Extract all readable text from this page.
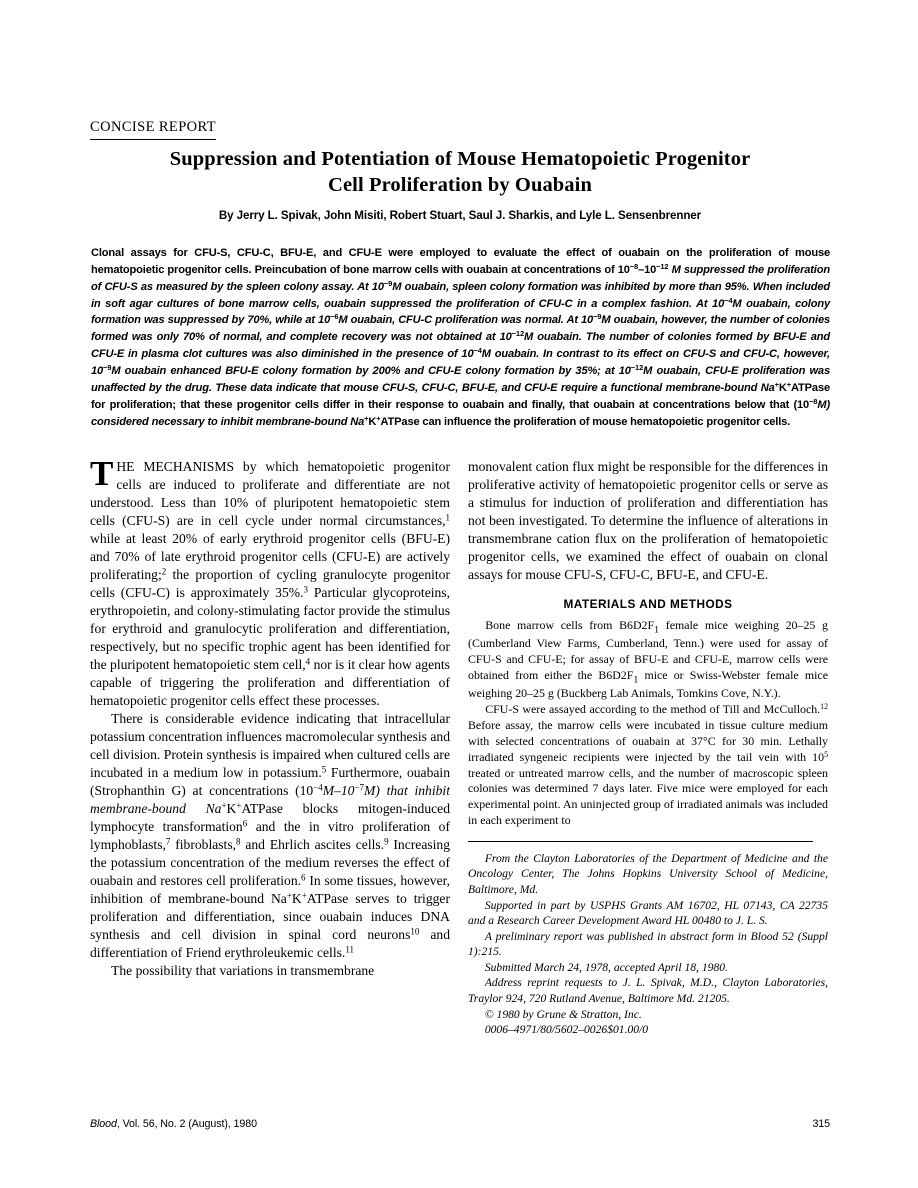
CONCISE REPORT
Suppression and Potentiation of Mouse Hematopoietic Progenitor
Cell Proliferation by Ouabain
By Jerry L. Spivak, John Misiti, Robert Stuart, Saul J. Sharkis, and Lyle L. Sensenbrenner
Clonal assays for CFU-S, CFU-C, BFU-E, and CFU-E were employed to evaluate the effect of ouabain on the proliferation of mouse hematopoietic progenitor cells. Preincubation of bone marrow cells with ouabain at concentrations of $10^{-8}-10^{-12}$ M suppressed the proliferation of CFU-S as measured by the spleen colony assay. At $10^{-9}M$ ouabain, spleen colony formation was inhibited by more than 95%. When included in soft agar cultures of bone marrow cells, ouabain suppressed the proliferation of CFU-C in a complex fashion. At $10^{-4}M$ ouabain, colony formation was suppressed by 70%, while at $10^{-6}M$ ouabain, CFU-C proliferation was normal. At $10^{-9}M$ ouabain, however, the number of colonies formed was only 70% of normal, and complete recovery was not obtained at $10^{-12}M$ ouabain. The number of colonies formed by BFU-E and CFU-E in plasma clot cultures was also diminished in the presence of $10^{-4}M$ ouabain. In contrast to its effect on CFU-S and CFU-C, however, $10^{-9}M$ ouabain enhanced BFU-E colony formation by 200% and CFU-E colony formation by 35%; at $10^{-12}M$ ouabain, CFU-E proliferation was unaffected by the drug. These data indicate that mouse CFU-S, CFU-C, BFU-E, and CFU-E require a functional membrane-bound Na+K+ATPase for proliferation; that these progenitor cells differ in their response to ouabain and finally, that ouabain at concentrations below that $(10^{-8}M)$ considered necessary to inhibit membrane-bound Na+K+ATPase can influence the proliferation of mouse hematopoietic progenitor cells.

THE MECHANISMS by which hematopoietic progenitor cells are induced to proliferate and differentiate are not understood. Less than 10% of pluripotent hematopoietic stem cells (CFU-S) are in cell cycle under normal circumstances,$^1$ while at least 20% of early erythroid progenitor cells (BFU-E) and 70% of late erythroid progenitor cells (CFU-E) are actively proliferating;$^2$ the proportion of cycling granulocyte progenitor cells (CFU-C) is approximately 35%.$^3$ Particular glycoproteins, erythropoietin, and colony-stimulating factor provide the stimulus for erythroid and granulocytic proliferation and differentiation, respectively, but no specific trophic agent has been identified for the pluripotent hematopoietic stem cell,$^4$ nor is it clear how agents capable of triggering the proliferation and differentiation of hematopoietic progenitor cells effect these processes.

There is considerable evidence indicating that intracellular potassium concentration influences macromolecular synthesis and cell division. Protein synthesis is impaired when cultured cells are incubated in a medium low in potassium.$^5$ Furthermore, ouabain (Strophanthin G) at concentrations $(10^{-4}M-10^{-7}M)$ that inhibit membrane-bound Na+K+ATPase blocks mitogen-induced lymphocyte transformation$^6$ and the in vitro proliferation of lymphoblasts,$^7$ fibroblasts,$^8$ and Ehrlich ascites cells.$^9$ Increasing the potassium concentration of the medium reverses the effect of ouabain and restores cell proliferation.$^6$ In some tissues, however, inhibition of membrane-bound Na+K+ATPase serves to trigger proliferation and differentiation, since ouabain induces DNA synthesis and cell division in spinal cord neurons$^{10}$ and differentiation of Friend erythroleukemic cells.$^{11}$

The possibility that variations in transmembrane

monovalent cation flux might be responsible for the differences in proliferative activity of hematopoietic progenitor cells or serve as a stimulus for induction of proliferation and differentiation has not been investigated. To determine the influence of alterations in transmembrane cation flux on the proliferation of hematopoietic progenitor cells, we examined the effect of ouabain on clonal assays for mouse CFU-S, CFU-C, BFU-E, and CFU-E.

MATERIALS AND METHODS

Bone marrow cells from $B6D2F_1$ female mice weighing 20–25 g (Cumberland View Farms, Cumberland, Tenn.) were used for assay of CFU-S and CFU-E; for assay of BFU-E and CFU-E, marrow cells were obtained from either the $B6D2F_1$ mice or Swiss-Webster female mice weighing 20–25 g (Buckberg Lab Animals, Tomkins Cove, N.Y.).

CFU-S were assayed according to the method of Till and McCulloch.$^{12}$ Before assay, the marrow cells were incubated in tissue culture medium with selected concentrations of ouabain at 37°C for 30 min. Lethally irradiated syngeneic recipients were injected by the tail vein with $10^5$ treated or untreated marrow cells, and the number of macroscopic spleen colonies was determined 7 days later. Five mice were employed for each experimental point. An uninjected group of irradiated animals was included in each experiment to

From the Clayton Laboratories of the Department of Medicine and the Oncology Center, The Johns Hopkins University School of Medicine, Baltimore, Md.

Supported in part by USPHS Grants AM 16702, HL 07143, CA 22735 and a Research Career Development Award HL 00480 to J. L. S.

A preliminary report was published in abstract form in Blood 52 (Suppl 1):215.

Submitted March 24, 1978, accepted April 18, 1980.

Address reprint requests to J. L. Spivak, M.D., Clayton Laboratories, Traylor 924, 720 Rutland Avenue, Baltimore Md. 21205.

© 1980 by Grune & Stratton, Inc.

0006–4971/80/5602–0026$01.00/0

Blood, Vol. 56, No. 2 (August), 1980	315
